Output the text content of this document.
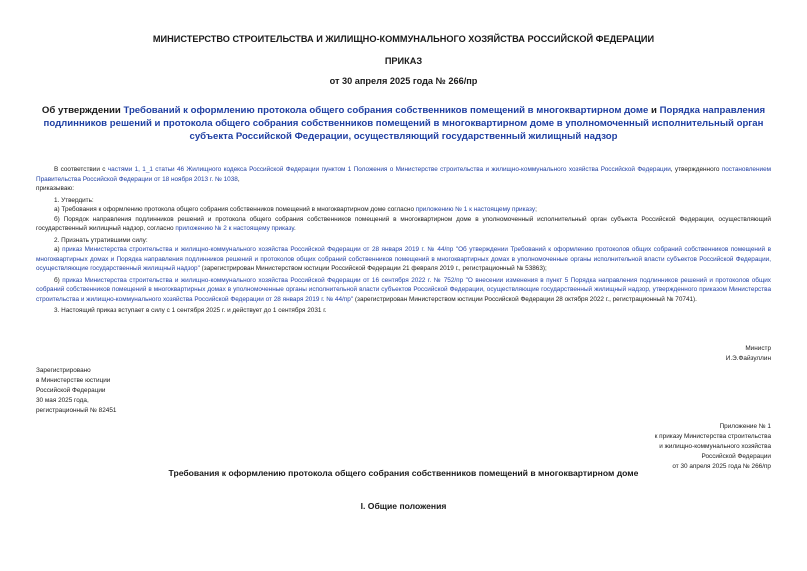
МИНИСТЕРСТВО СТРОИТЕЛЬСТВА И ЖИЛИЩНО-КОММУНАЛЬНОГО ХОЗЯЙСТВА РОССИЙСКОЙ ФЕДЕРАЦИИ
ПРИКАЗ
от 30 апреля 2025 года № 266/пр
Об утверждении Требований к оформлению протокола общего собрания собственников помещений в многоквартирном доме и Порядка направления подлинников решений и протокола общего собрания собственников помещений в многоквартирном доме в уполномоченный исполнительный орган субъекта Российской Федерации, осуществляющий государственный жилищный надзор

В соответствии с частями 1, 1_1 статьи 46 Жилищного кодекса Российской Федерации пунктом 1 Положения о Министерстве строительства и жилищно-коммунального хозяйства Российской Федерации, утвержденного постановлением Правительства Российской Федерации от 18 ноября 2013 г. № 1038,

приказываю:

1. Утвердить:

а) Требования к оформлению протокола общего собрания собственников помещений в многоквартирном доме согласно приложению № 1 к настоящему приказу;

б) Порядок направления подлинников решений и протокола общего собрания собственников помещений в многоквартирном доме в уполномоченный исполнительный орган субъекта Российской Федерации, осуществляющий государственный жилищный надзор, согласно приложению № 2 к настоящему приказу.

2. Признать утратившими силу:

а) приказ Министерства строительства и жилищно-коммунального хозяйства Российской Федерации от 28 января 2019 г. № 44/пр "Об утверждении Требований к оформлению протоколов общих собраний собственников помещений в многоквартирных домах и Порядка направления подлинников решений и протоколов общих собраний собственников помещений в многоквартирных домах в уполномоченные органы исполнительной власти субъектов Российской Федерации, осуществляющие государственный жилищный надзор" (зарегистрирован Министерством юстиции Российской Федерации 21 февраля 2019 г., регистрационный № 53863);

б) приказ Министерства строительства и жилищно-коммунального хозяйства Российской Федерации от 16 сентября 2022 г. № 752/пр "О внесении изменения в пункт 5 Порядка направления подлинников решений и протоколов общих собраний собственников помещений в многоквартирных домах в уполномоченные органы исполнительной власти субъектов Российской Федерации, осуществляющие государственный жилищный надзор, утвержденного приказом Министерства строительства и жилищно-коммунального хозяйства Российской Федерации от 28 января 2019 г. № 44/пр" (зарегистрирован Министерством юстиции Российской Федерации 28 октября 2022 г., регистрационный № 70741).

3. Настоящий приказ вступает в силу с 1 сентября 2025 г. и действует до 1 сентября 2031 г.

Министр
И.Э.Файзуллин
Зарегистрировано
в Министерстве юстиции
Российской Федерации
30 мая 2025 года,
регистрационный № 82451
Приложение № 1
к приказу Министерства строительства
и жилищно-коммунального хозяйства
Российской Федерации
от 30 апреля 2025 года № 266/пр
Требования к оформлению протокола общего собрания собственников помещений в многоквартирном доме
I. Общие положения
